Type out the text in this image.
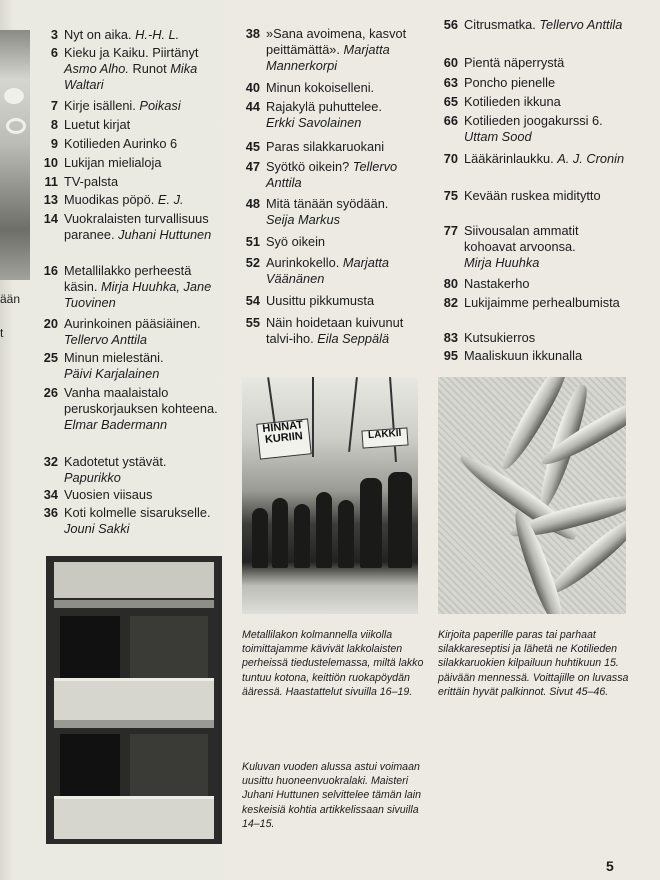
ään
t
3 Nyt on aika. H.-H. L.
6 Kieku ja Kaiku. Piirtänyt Asmo Alho. Runot Mika Waltari
7 Kirje isälleni. Poikasi
8 Luetut kirjat
9 Kotilieden Aurinko 6
10 Lukijan mielialoja
11 TV-palsta
13 Muodikas pöpö. E. J.
14 Vuokralaisten turvallisuus paranee. Juhani Huttunen
16 Metallilakko perheestä käsin. Mirja Huuhka, Jane Tuovinen
20 Aurinkoinen pääsiäinen. Tellervo Anttila
25 Minun mielestäni.
Päivi Karjalainen
26 Vanha maalaistalo peruskorjauksen kohteena. Elmar Badermann
32 Kadotetut ystävät.
Papurikko
34 Vuosien viisaus
36 Koti kolmelle sisarukselle. Jouni Sakki
38 »Sana avoimena, kasvot peittämättä». Marjatta Mannerkorpi
40 Minun kokoiselleni.
44 Rajakylä puhuttelee.
Erkki Savolainen
45 Paras silakkaruokani
47 Syötkö oikein? Tellervo Anttila
48 Mitä tänään syödään.
Seija Markus
51 Syö oikein
52 Aurinkokello. Marjatta Väänänen
54 Uusittu pikkumusta
55 Näin hoidetaan kuivunut talvi-iho. Eila Seppälä
56 Citrusmatka. Tellervo Anttila
60 Pientä näperrystä
63 Poncho pienelle
65 Kotilieden ikkuna
66 Kotilieden joogakurssi 6. Uttam Sood
70 Lääkärinlaukku. A. J. Cronin
75 Kevään ruskea miditytto
77 Siivousalan ammatit kohoavat arvoonsa.
Mirja Huuhka
80 Nastakerho
82 Lukijaimme perhealbumista
83 Kutsukierros
95 Maaliskuun ikkunalla
HINNAT KURIIN	LAKKII
Metallilakon kolmannella viikolla toimittajamme kävivät lakkolaisten perheissä tiedustelemassa, miltä lakko tuntuu kotona, keittiön ruokapöydän ääressä. Haastattelut sivuilla 16–19.
Kuluvan vuoden alussa astui voimaan uusittu huoneenvuokralaki. Maisteri Juhani Huttunen selvittelee tämän lain keskeisiä kohtia artikkelissaan sivuilla 14–15.
Kirjoita paperille paras tai parhaat silakkareseptisi ja lähetä ne Kotilieden silakkaruokien kilpailuun huhtikuun 15. päivään mennessä. Voittajille on luvassa erittäin hyvät palkinnot. Sivut 45–46.
5
